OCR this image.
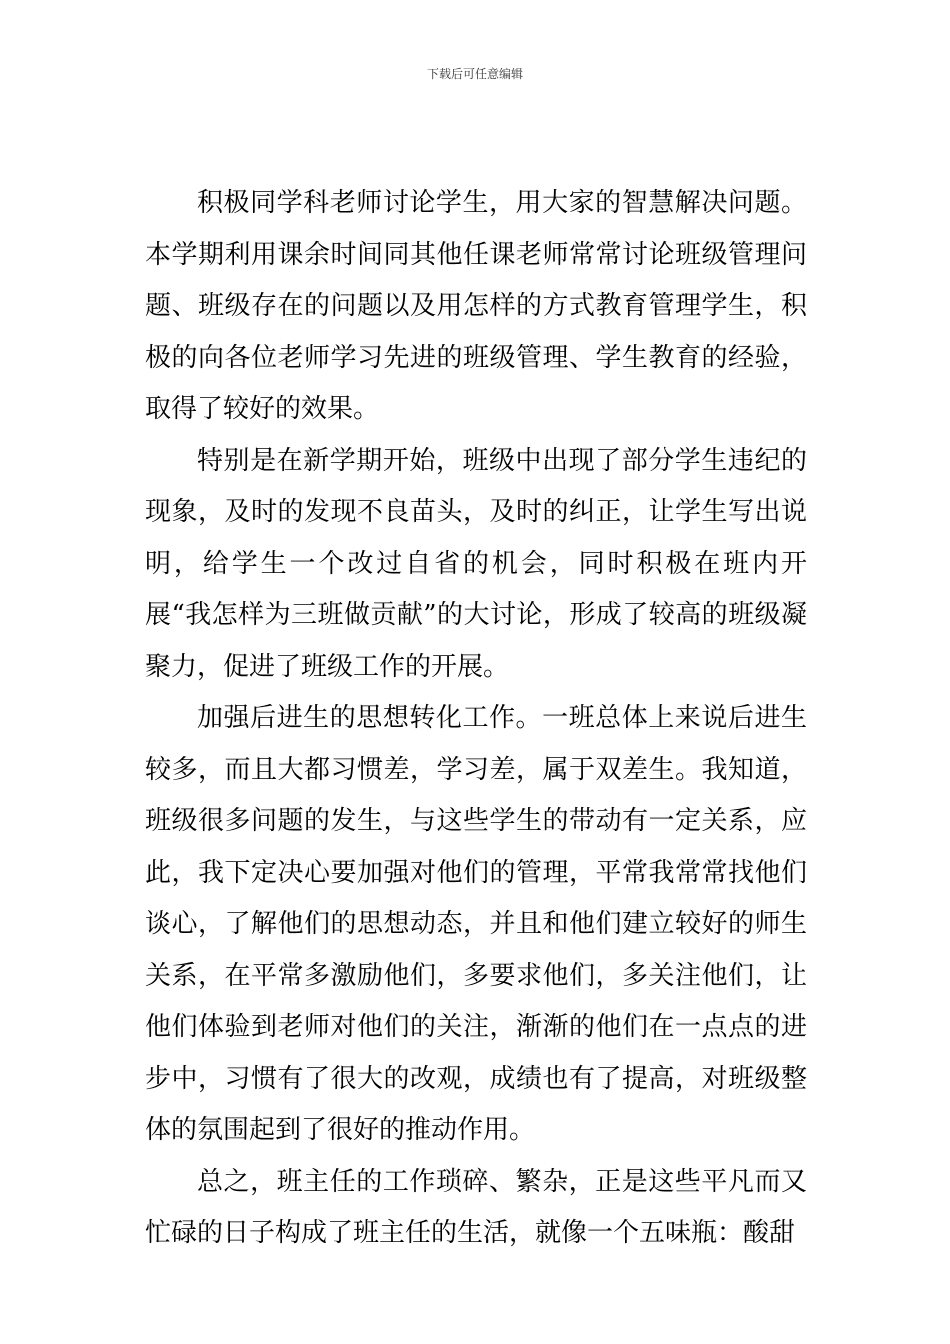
下载后可任意编辑

积极同学科老师讨论学生，用大家的智慧解决问题。本学期利用课余时间同其他任课老师常常讨论班级管理问题、班级存在的问题以及用怎样的方式教育管理学生，积极的向各位老师学习先进的班级管理、学生教育的经验，取得了较好的效果。

特别是在新学期开始，班级中出现了部分学生违纪的现象，及时的发现不良苗头，及时的纠正，让学生写出说明，给学生一个改过自省的机会，同时积极在班内开展“我怎样为三班做贡献”的大讨论，形成了较高的班级凝聚力，促进了班级工作的开展。

加强后进生的思想转化工作。一班总体上来说后进生较多，而且大都习惯差，学习差，属于双差生。我知道，班级很多问题的发生，与这些学生的带动有一定关系，应此，我下定决心要加强对他们的管理，平常我常常找他们谈心，了解他们的思想动态，并且和他们建立较好的师生关系，在平常多激励他们，多要求他们，多关注他们，让他们体验到老师对他们的关注，渐渐的他们在一点点的进步中，习惯有了很大的改观，成绩也有了提高，对班级整体的氛围起到了很好的推动作用。

总之，班主任的工作琐碎、繁杂，正是这些平凡而又忙碌的日子构成了班主任的生活，就像一个五味瓶：酸甜
